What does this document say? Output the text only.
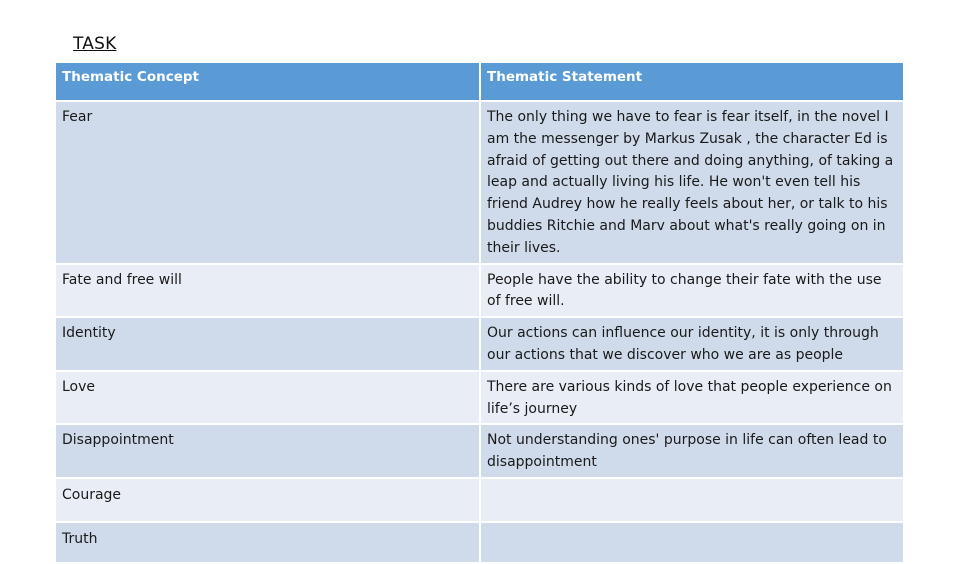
TASK
Thematic Concept	Thematic Statement
Fear	The only thing we have to fear is fear itself, in the novel I am the messenger by Markus Zusak , the character Ed is afraid of getting out there and doing anything, of taking a leap and actually living his life. He won't even tell his friend Audrey how he really feels about her, or talk to his buddies Ritchie and Marv about what's really going on in their lives.
Fate and free will	People have the ability to change their fate with the use of free will.
Identity	Our actions can influence our identity, it is only through our actions that we discover who we are as people
Love	There are various kinds of love that people experience on life’s journey
Disappointment	Not understanding ones' purpose in life can often lead to disappointment
Courage	
Truth	
